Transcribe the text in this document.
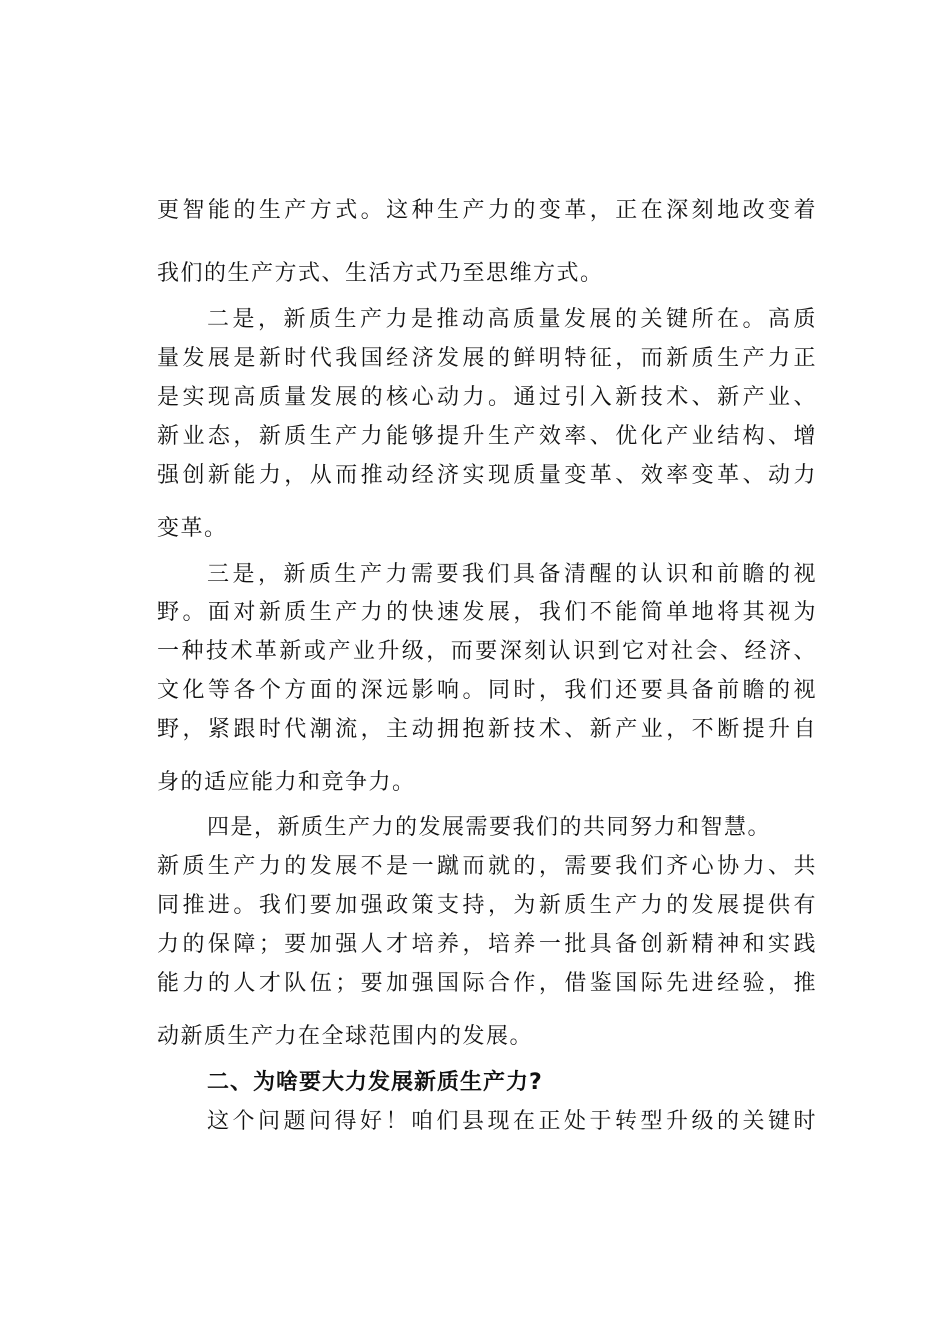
更智能的生产方式。这种生产力的变革，正在深刻地改变着
我们的生产方式、生活方式乃至思维方式。
二是，新质生产力是推动高质量发展的关键所在。高质
量发展是新时代我国经济发展的鲜明特征，而新质生产力正
是实现高质量发展的核心动力。通过引入新技术、新产业、
新业态，新质生产力能够提升生产效率、优化产业结构、增
强创新能力，从而推动经济实现质量变革、效率变革、动力
变革。
三是，新质生产力需要我们具备清醒的认识和前瞻的视
野。面对新质生产力的快速发展，我们不能简单地将其视为
一种技术革新或产业升级，而要深刻认识到它对社会、经济、
文化等各个方面的深远影响。同时，我们还要具备前瞻的视
野，紧跟时代潮流，主动拥抱新技术、新产业，不断提升自
身的适应能力和竞争力。
四是，新质生产力的发展需要我们的共同努力和智慧。
新质生产力的发展不是一蹴而就的，需要我们齐心协力、共
同推进。我们要加强政策支持，为新质生产力的发展提供有
力的保障；要加强人才培养，培养一批具备创新精神和实践
能力的人才队伍；要加强国际合作，借鉴国际先进经验，推
动新质生产力在全球范围内的发展。
二、为啥要大力发展新质生产力?
这个问题问得好！咱们县现在正处于转型升级的关键时
